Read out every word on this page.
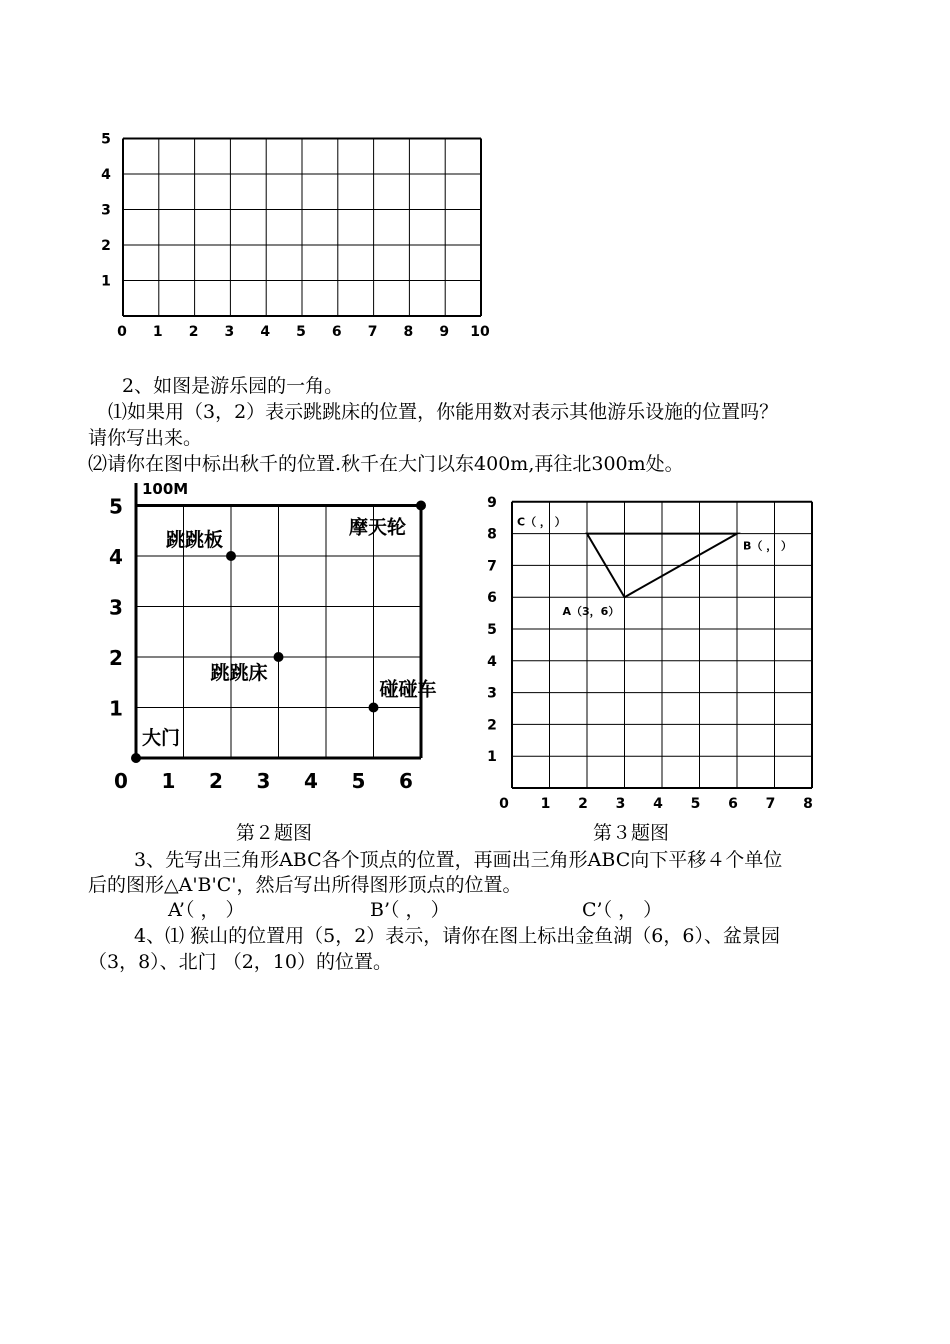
0 1 2 3 4 5 6 7 8 9 10
1
2
3
4
5
2、如图是游乐园的一角。
⑴如果用（3，2）表示跳跳床的位置，你能用数对表示其他游乐设施的位置吗？
请你写出来。
⑵请你在图中标出秋千的位置.秋千在大门以东400m,再往北300m处。
100M
0 1 2 3 4 5 6
1
2
3
4
5
跳跳板
摩天轮
跳跳床
碰碰车
大门
0 1 2 3 4 5 6 7 8
1
2
3
4
5
6
7
8
9
A（3，6）
B（ ， ）
C（ ， ）
第２题图	第３题图
3、先写出三角形ABC各个顶点的位置，再画出三角形ABC向下平移４个单位
后的图形△A'B'C'，然后写出所得图形顶点的位置。
A’（ ， ）	B’（ ， ）	C’（ ， ）
4、⑴ 猴山的位置用（5，2）表示，请你在图上标出金鱼湖（6，6）、盆景园
（3，8）、北门 （2，10）的位置。
